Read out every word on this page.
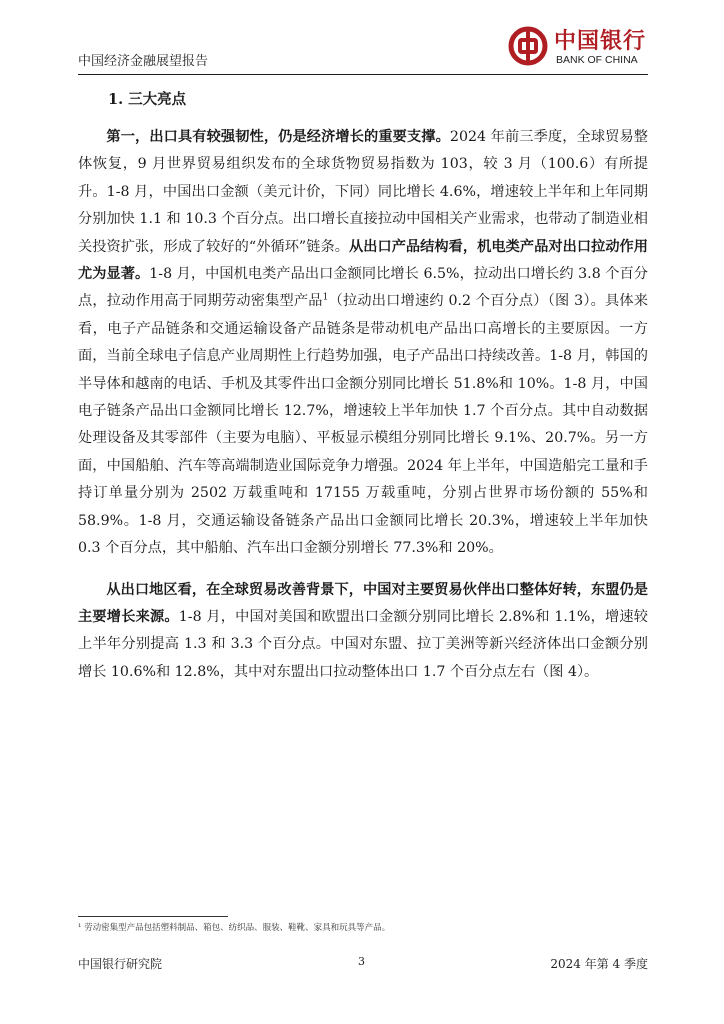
中国经济金融展望报告
中国银行
BANK OF CHINA
1. 三大亮点

第一，出口具有较强韧性，仍是经济增长的重要支撑。2024 年前三季度，全球贸易整体恢复，9 月世界贸易组织发布的全球货物贸易指数为 103，较 3 月（100.6）有所提升。1-8 月，中国出口金额（美元计价，下同）同比增长 4.6%，增速较上半年和上年同期分别加快 1.1 和 10.3 个百分点。出口增长直接拉动中国相关产业需求，也带动了制造业相关投资扩张，形成了较好的“外循环”链条。从出口产品结构看，机电类产品对出口拉动作用尤为显著。1-8 月，中国机电类产品出口金额同比增长 6.5%，拉动出口增长约 3.8 个百分点，拉动作用高于同期劳动密集型产品$^1$（拉动出口增速约 0.2 个百分点）（图 3）。具体来看，电子产品链条和交通运输设备产品链条是带动机电产品出口高增长的主要原因。一方面，当前全球电子信息产业周期性上行趋势加强，电子产品出口持续改善。1-8 月，韩国的半导体和越南的电话、手机及其零件出口金额分别同比增长 51.8%和 10%。1-8 月，中国电子链条产品出口金额同比增长 12.7%，增速较上半年加快 1.7 个百分点。其中自动数据处理设备及其零部件（主要为电脑）、平板显示模组分别同比增长 9.1%、20.7%。另一方面，中国船舶、汽车等高端制造业国际竞争力增强。2024 年上半年，中国造船完工量和手持订单量分别为 2502 万载重吨和 17155 万载重吨，分别占世界市场份额的 55%和 58.9%。1-8 月，交通运输设备链条产品出口金额同比增长 20.3%，增速较上半年加快 0.3 个百分点，其中船舶、汽车出口金额分别增长 77.3%和 20%。

从出口地区看，在全球贸易改善背景下，中国对主要贸易伙伴出口整体好转，东盟仍是主要增长来源。1-8 月，中国对美国和欧盟出口金额分别同比增长 2.8%和 1.1%，增速较上半年分别提高 1.3 和 3.3 个百分点。中国对东盟、拉丁美洲等新兴经济体出口金额分别增长 10.6%和 12.8%，其中对东盟出口拉动整体出口 1.7 个百分点左右（图 4）。

¹ 劳动密集型产品包括塑料制品、箱包、纺织品、服装、鞋靴、家具和玩具等产品。
中国银行研究院	3	2024 年第 4 季度
